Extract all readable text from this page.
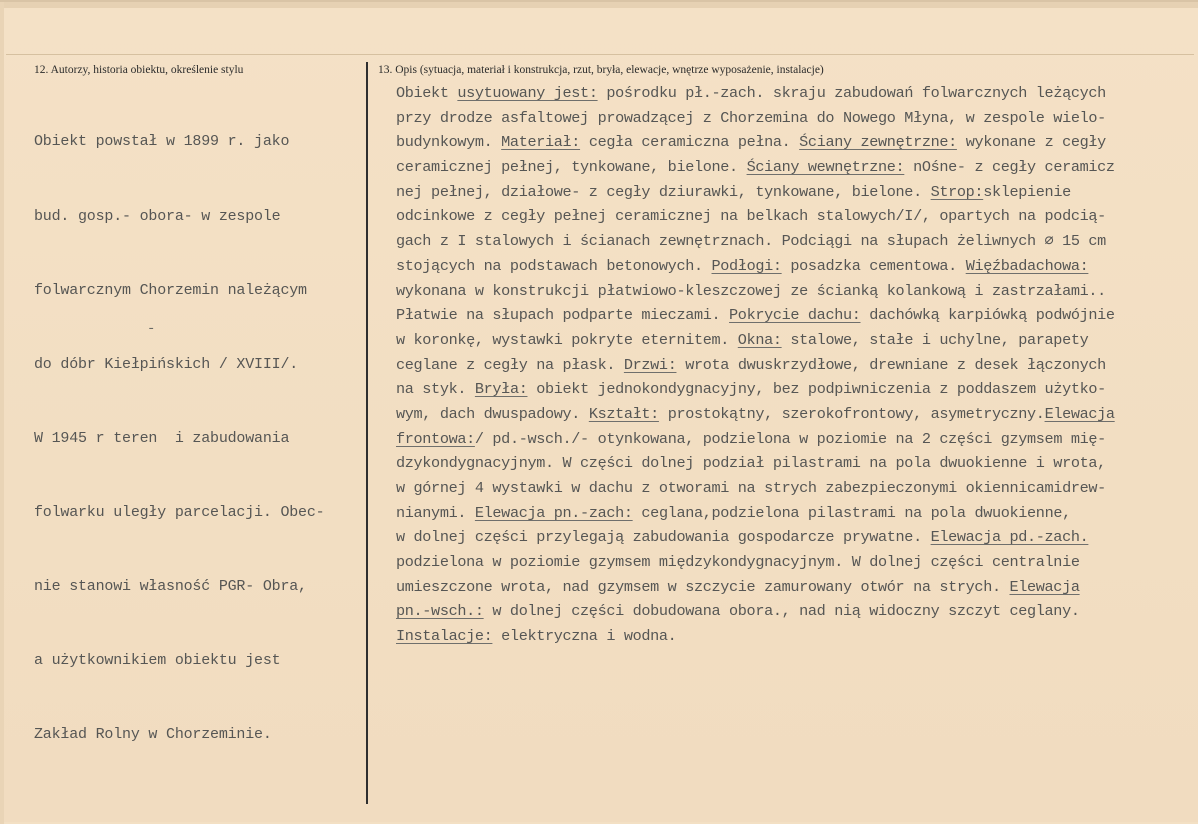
12. Autorzy, historia obiektu, określenie stylu	13. Opis (sytuacja, materiał i konstrukcja, rzut, bryła, elewacje, wnętrze wyposażenie, instalacje)

Obiekt powstał w 1899 r. jako

bud. gosp.- obora- w zespole

folwarcznym Chorzemin należącym

do dóbr Kiełpińskich / XVIII/.

W 1945 r teren  i zabudowania

folwarku uległy parcelacji. Obec-

nie stanowi własność PGR- Obra,

a użytkownikiem obiektu jest

Zakład Rolny w Chorzeminie.

-
Obiekt usytuowany jest: pośrodku pł.-zach. skraju zabudowań folwarcznych leżących
przy drodze asfaltowej prowadzącej z Chorzemina do Nowego Młyna, w zespole wielo-
budynkowym. Materiał: cegła ceramiczna pełna. Ściany zewnętrzne: wykonane z cegły
ceramicznej pełnej, tynkowane, bielone. Ściany wewnętrzne: nOśne- z cegły ceramicz
nej pełnej, działowe- z cegły dziurawki, tynkowane, bielone. Strop:sklepienie
odcinkowe z cegły pełnej ceramicznej na belkach stalowych/I/, opartych na podcią-
gach z I stalowych i ścianach zewnętrznach. Podciągi na słupach żeliwnych ∅ 15 cm
stojących na podstawach betonowych. Podłogi: posadzka cementowa. Więźbadachowa:
wykonana w konstrukcji płatwiowo-kleszczowej ze ścianką kolankową i zastrzałami..
Płatwie na słupach podparte mieczami. Pokrycie dachu: dachówką karpiówką podwójnie
w koronkę, wystawki pokryte eternitem. Okna: stalowe, stałe i uchylne, parapety
ceglane z cegły na płask. Drzwi: wrota dwuskrzydłowe, drewniane z desek łączonych
na styk. Bryła: obiekt jednokondygnacyjny, bez podpiwniczenia z poddaszem użytko-
wym, dach dwuspadowy. Kształt: prostokątny, szerokofrontowy, asymetryczny.Elewacja
frontowa:/ pd.-wsch./- otynkowana, podzielona w poziomie na 2 części gzymsem mię-
dzykondygnacyjnym. W części dolnej podział pilastrami na pola dwuokienne i wrota,
w górnej 4 wystawki w dachu z otworami na strych zabezpieczonymi okiennicamidrew-
nianymi. Elewacja pn.-zach: ceglana,podzielona pilastrami na pola dwuokienne,
w dolnej części przylegają zabudowania gospodarcze prywatne. Elewacja pd.-zach.
podzielona w poziomie gzymsem międzykondygnacyjnym. W dolnej części centralnie
umieszczone wrota, nad gzymsem w szczycie zamurowany otwór na strych. Elewacja
pn.-wsch.: w dolnej części dobudowana obora., nad nią widoczny szczyt ceglany.
Instalacje: elektryczna i wodna.
